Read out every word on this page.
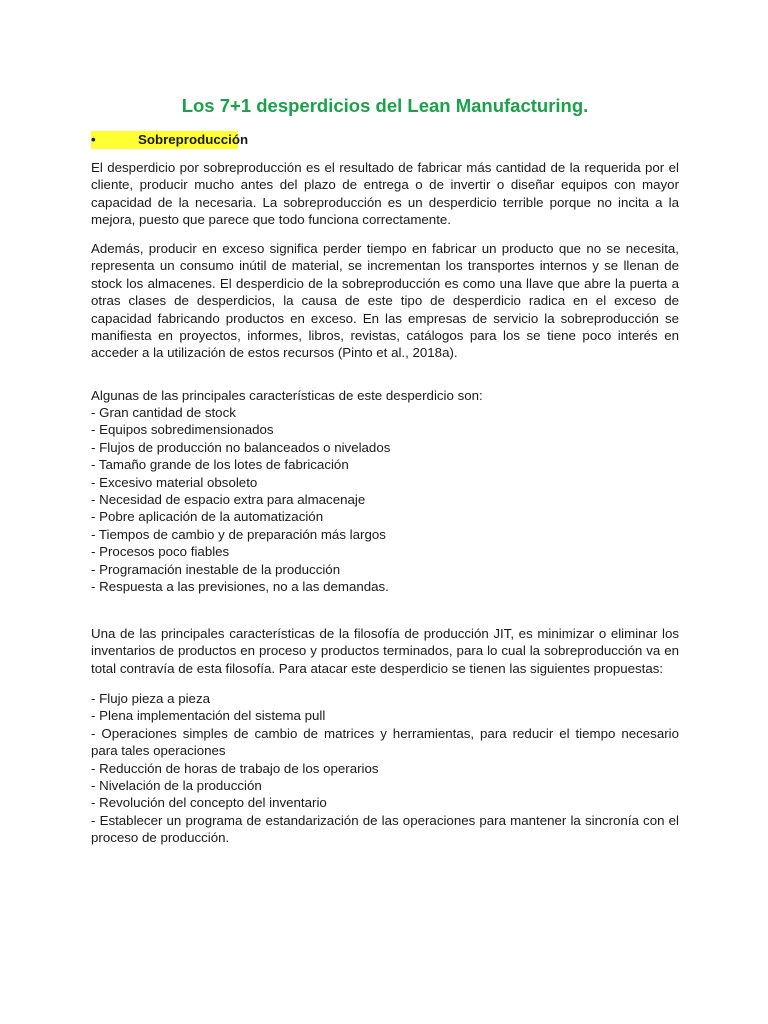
Los 7+1 desperdicios del Lean Manufacturing.
•	Sobreproducción

El desperdicio por sobreproducción es el resultado de fabricar más cantidad de la requerida por el cliente, producir mucho antes del plazo de entrega o de invertir o diseñar equipos con mayor capacidad de la necesaria. La sobreproducción es un desperdicio terrible porque no incita a la mejora, puesto que parece que todo funciona correctamente.

Además, producir en exceso significa perder tiempo en fabricar un producto que no se necesita, representa un consumo inútil de material, se incrementan los transportes internos y se llenan de stock los almacenes. El desperdicio de la sobreproducción es como una llave que abre la puerta a otras clases de desperdicios, la causa de este tipo de desperdicio radica en el exceso de capacidad fabricando productos en exceso. En las empresas de servicio la sobreproducción se manifiesta en proyectos, informes, libros, revistas, catálogos para los se tiene poco interés en acceder a la utilización de estos recursos (Pinto et al., 2018a).

Algunas de las principales características de este desperdicio son:

- Gran cantidad de stock
- Equipos sobredimensionados
- Flujos de producción no balanceados o nivelados
- Tamaño grande de los lotes de fabricación
- Excesivo material obsoleto
- Necesidad de espacio extra para almacenaje
- Pobre aplicación de la automatización
- Tiempos de cambio y de preparación más largos
- Procesos poco fiables
- Programación inestable de la producción
- Respuesta a las previsiones, no a las demandas.

Una de las principales características de la filosofía de producción JIT, es minimizar o eliminar los inventarios de productos en proceso y productos terminados, para lo cual la sobreproducción va en total contravía de esta filosofía. Para atacar este desperdicio se tienen las siguientes propuestas:

- Flujo pieza a pieza
- Plena implementación del sistema pull
- Operaciones simples de cambio de matrices y herramientas, para reducir el tiempo necesario para tales operaciones
- Reducción de horas de trabajo de los operarios
- Nivelación de la producción
- Revolución del concepto del inventario
- Establecer un programa de estandarización de las operaciones para mantener la sincronía con el proceso de producción.
